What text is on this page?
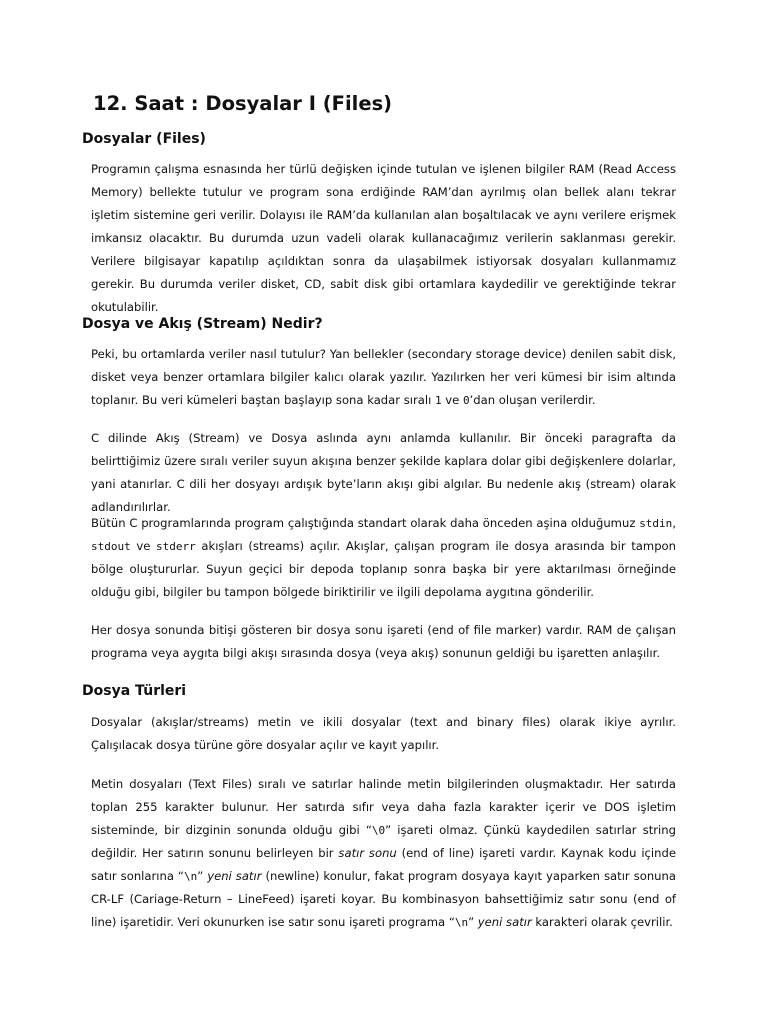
12. Saat : Dosyalar I (Files)
Dosyalar (Files)

Programın çalışma esnasında her türlü değişken içinde tutulan ve işlenen bilgiler RAM (Read Access Memory) bellekte tutulur ve program sona erdiğinde RAM’dan ayrılmış olan bellek alanı tekrar işletim sistemine geri verilir. Dolayısı ile RAM’da kullanılan alan boşaltılacak ve aynı verilere erişmek imkansız olacaktır. Bu durumda uzun vadeli olarak kullanacağımız verilerin saklanması gerekir. Verilere bilgisayar kapatılıp açıldıktan sonra da ulaşabilmek istiyorsak dosyaları kullanmamız gerekir. Bu durumda veriler disket, CD, sabit disk gibi ortamlara kaydedilir ve gerektiğinde tekrar okutulabilir.

Dosya ve Akış (Stream) Nedir?

Peki, bu ortamlarda veriler nasıl tutulur? Yan bellekler (secondary storage device) denilen sabit disk, disket veya benzer ortamlara bilgiler kalıcı olarak yazılır. Yazılırken her veri kümesi bir isim altında toplanır. Bu veri kümeleri baştan başlayıp sona kadar sıralı 1 ve 0’dan oluşan verilerdir.

C dilinde Akış (Stream) ve Dosya aslında aynı anlamda kullanılır. Bir önceki paragrafta da belirttiğimiz üzere sıralı veriler suyun akışına benzer şekilde kaplara dolar gibi değişkenlere dolarlar, yani atanırlar. C dili her dosyayı ardışık byte’ların akışı gibi algılar. Bu nedenle akış (stream) olarak adlandırılırlar.

Bütün C programlarında program çalıştığında standart olarak daha önceden aşina olduğumuz stdin, stdout ve stderr akışları (streams) açılır. Akışlar, çalışan program ile dosya arasında bir tampon bölge oluştururlar. Suyun geçici bir depoda toplanıp sonra başka bir yere aktarılması örneğinde olduğu gibi, bilgiler bu tampon bölgede biriktirilir ve ilgili depolama aygıtına gönderilir.

Her dosya sonunda bitişi gösteren bir dosya sonu işareti (end of file marker) vardır. RAM de çalışan programa veya aygıta bilgi akışı sırasında dosya (veya akış) sonunun geldiği bu işaretten anlaşılır.

Dosya Türleri

Dosyalar (akışlar/streams) metin ve ikili dosyalar (text and binary files) olarak ikiye ayrılır. Çalışılacak dosya türüne göre dosyalar açılır ve kayıt yapılır.

Metin dosyaları (Text Files) sıralı ve satırlar halinde metin bilgilerinden oluşmaktadır. Her satırda toplan 255 karakter bulunur. Her satırda sıfır veya daha fazla karakter içerir ve DOS işletim sisteminde, bir dizginin sonunda olduğu gibi “\0” işareti olmaz. Çünkü kaydedilen satırlar string değildir. Her satırın sonunu belirleyen bir satır sonu (end of line) işareti vardır. Kaynak kodu içinde satır sonlarına “\n” yeni satır (newline) konulur, fakat program dosyaya kayıt yaparken satır sonuna CR-LF (Cariage-Return – LineFeed) işareti koyar. Bu kombinasyon bahsettiğimiz satır sonu (end of line) işaretidir. Veri okunurken ise satır sonu işareti programa “\n” yeni satır karakteri olarak çevrilir.
